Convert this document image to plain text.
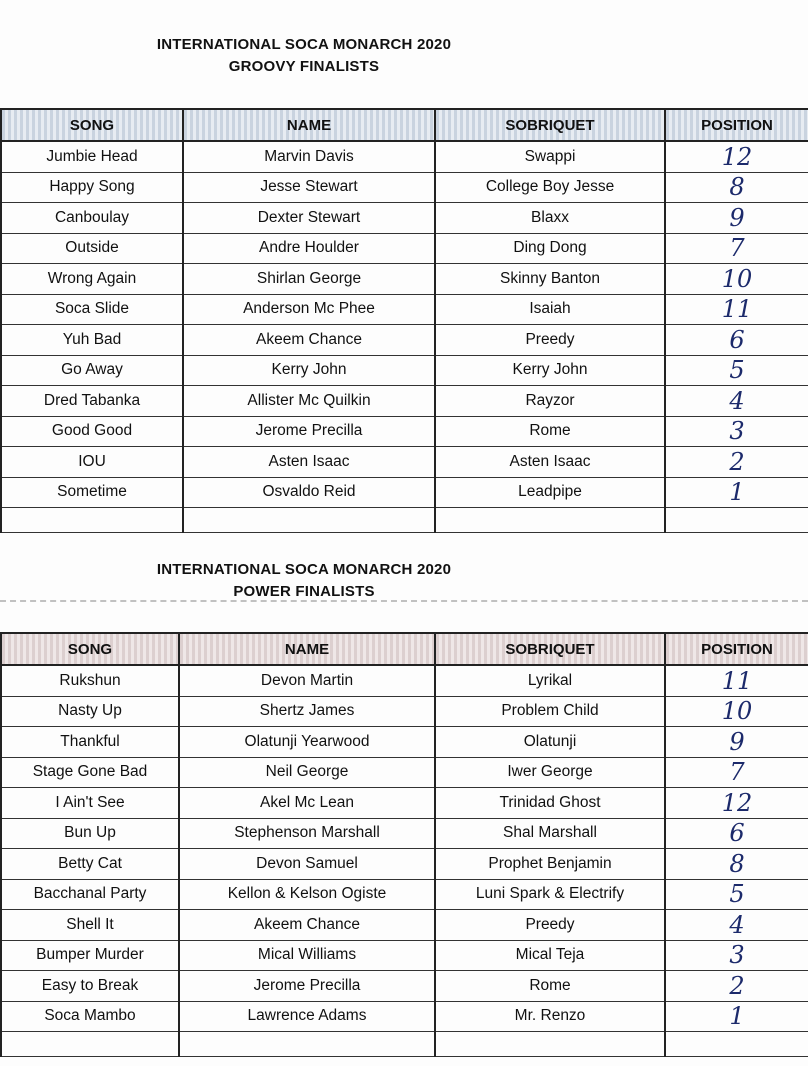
INTERNATIONAL SOCA MONARCH 2020
GROOVY FINALISTS
SONG	NAME	SOBRIQUET	POSITION
Jumbie Head	Marvin Davis	Swappi	12
Happy Song	Jesse Stewart	College Boy Jesse	8
Canboulay	Dexter Stewart	Blaxx	9
Outside	Andre Houlder	Ding Dong	7
Wrong Again	Shirlan George	Skinny Banton	10
Soca Slide	Anderson Mc Phee	Isaiah	11
Yuh Bad	Akeem Chance	Preedy	6
Go Away	Kerry John	Kerry John	5
Dred Tabanka	Allister Mc Quilkin	Rayzor	4
Good Good	Jerome Precilla	Rome	3
IOU	Asten Isaac	Asten Isaac	2
Sometime	Osvaldo Reid	Leadpipe	1

INTERNATIONAL SOCA MONARCH 2020
POWER FINALISTS
SONG	NAME	SOBRIQUET	POSITION
Rukshun	Devon Martin	Lyrikal	11
Nasty Up	Shertz James	Problem Child	10
Thankful	Olatunji Yearwood	Olatunji	9
Stage Gone Bad	Neil George	Iwer George	7
I Ain't See	Akel Mc Lean	Trinidad Ghost	12
Bun Up	Stephenson Marshall	Shal Marshall	6
Betty Cat	Devon Samuel	Prophet Benjamin	8
Bacchanal Party	Kellon & Kelson Ogiste	Luni Spark & Electrify	5
Shell It	Akeem Chance	Preedy	4
Bumper Murder	Mical Williams	Mical Teja	3
Easy to Break	Jerome Precilla	Rome	2
Soca Mambo	Lawrence Adams	Mr. Renzo	1
